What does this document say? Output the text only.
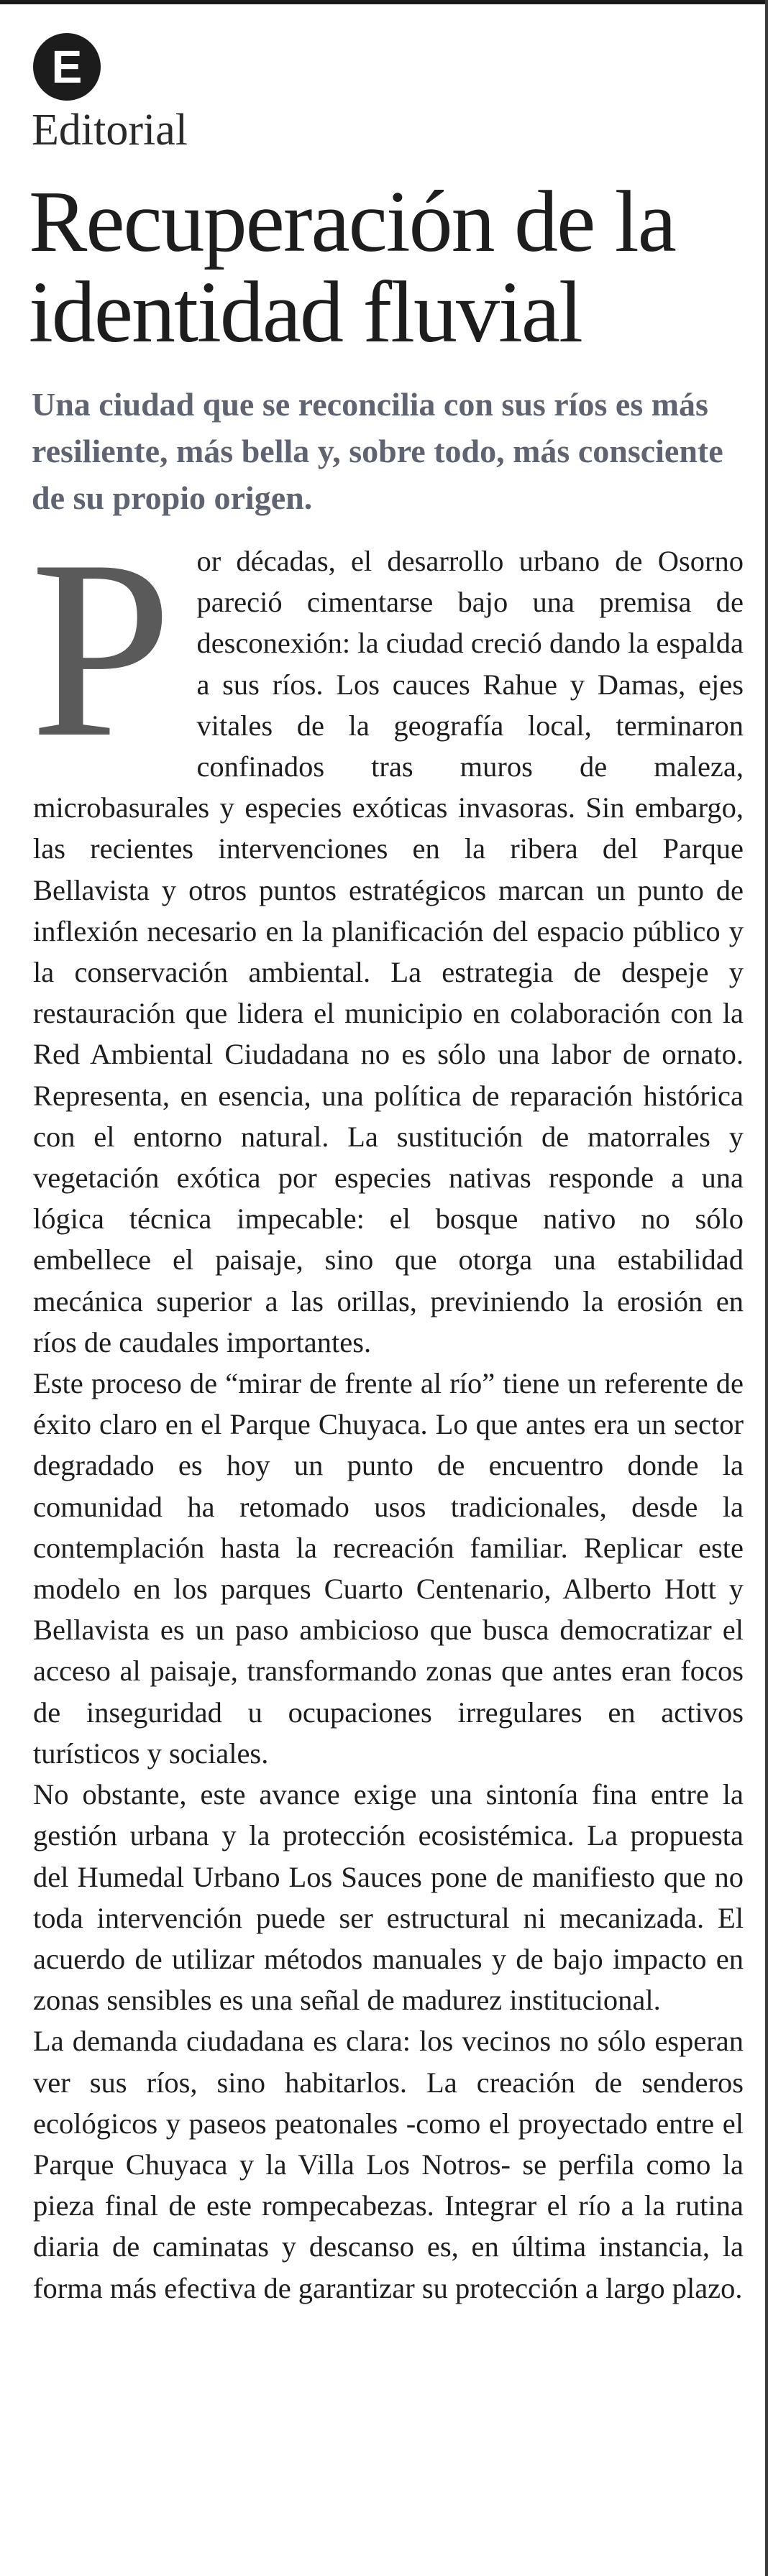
E
Editorial
Recuperación de la identidad fluvial
Una ciudad que se reconcilia con sus ríos es más resiliente, más bella y, sobre todo, más consciente de su propio origen.

Por décadas, el desarrollo urbano de Osorno pareció cimentarse bajo una premisa de desconexión: la ciudad creció dando la espalda a sus ríos. Los cauces Rahue y Damas, ejes vitales de la geografía local, terminaron confinados tras muros de maleza, microbasurales y especies exóticas invasoras. Sin embargo, las recientes intervenciones en la ribera del Parque Bellavista y otros puntos estratégicos marcan un punto de inflexión necesario en la planificación del espacio público y la conservación ambiental. La estrategia de despeje y restauración que lidera el municipio en colaboración con la Red Ambiental Ciudadana no es sólo una labor de ornato. Representa, en esencia, una política de reparación histórica con el entorno natural. La sustitución de matorrales y vegetación exótica por especies nativas responde a una lógica técnica impecable: el bosque nativo no sólo embellece el paisaje, sino que otorga una estabilidad mecánica superior a las orillas, previniendo la erosión en ríos de caudales importantes.

Este proceso de “mirar de frente al río” tiene un referente de éxito claro en el Parque Chuyaca. Lo que antes era un sector degradado es hoy un punto de encuentro donde la comunidad ha retomado usos tradicionales, desde la contemplación hasta la recreación familiar. Replicar este modelo en los parques Cuarto Centenario, Alberto Hott y Bellavista es un paso ambicioso que busca democratizar el acceso al paisaje, transformando zonas que antes eran focos de inseguridad u ocupaciones irregulares en activos turísticos y sociales.

No obstante, este avance exige una sintonía fina entre la gestión urbana y la protección ecosistémica. La propuesta del Humedal Urbano Los Sauces pone de manifiesto que no toda intervención puede ser estructural ni mecanizada. El acuerdo de utilizar métodos manuales y de bajo impacto en zonas sensibles es una señal de madurez institucional.

La demanda ciudadana es clara: los vecinos no sólo esperan ver sus ríos, sino habitarlos. La creación de senderos ecológicos y paseos peatonales -como el proyectado entre el Parque Chuyaca y la Villa Los Notros- se perfila como la pieza final de este rompecabezas. Integrar el río a la rutina diaria de caminatas y descanso es, en última instancia, la forma más efectiva de garantizar su protección a largo plazo.
